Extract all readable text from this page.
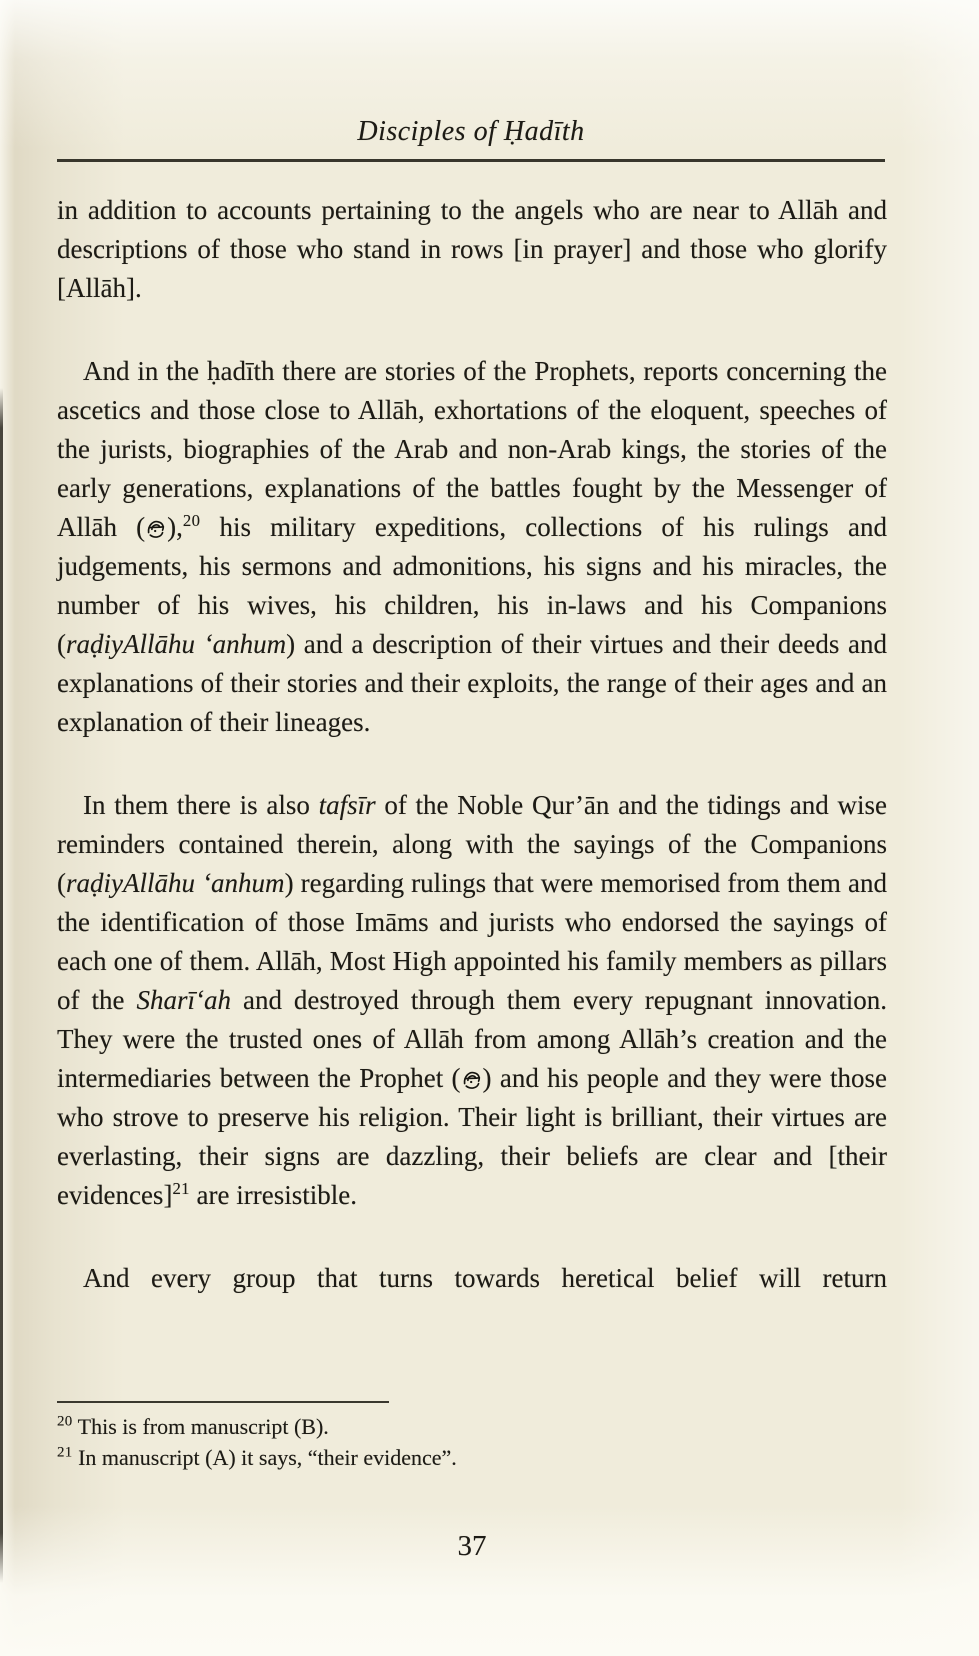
Disciples of Ḥadīth

in addition to accounts pertaining to the angels who are near to Allāh and descriptions of those who stand in rows [in prayer] and those who glorify [Allāh].

And in the ḥadīth there are stories of the Prophets, reports concerning the ascetics and those close to Allāh, exhortations of the eloquent, speeches of the jurists, biographies of the Arab and non-Arab kings, the stories of the early generations, explanations of the battles fought by the Messenger of Allāh ( ),$^{20}$ his military expeditions, collections of his rulings and judgements, his sermons and admonitions, his signs and his miracles, the number of his wives, his children, his in-laws and his Companions (raḍiyAllāhu ‘anhum) and a description of their virtues and their deeds and explanations of their stories and their exploits, the range of their ages and an explanation of their lineages.

In them there is also tafsīr of the Noble Qur’ān and the tidings and wise reminders contained therein, along with the sayings of the Companions (raḍiyAllāhu ‘anhum) regarding rulings that were memorised from them and the identification of those Imāms and jurists who endorsed the sayings of each one of them. Allāh, Most High appointed his family members as pillars of the Sharī‘ah and destroyed through them every repugnant innovation. They were the trusted ones of Allāh from among Allāh’s creation and the intermediaries between the Prophet ( ) and his people and they were those who strove to preserve his religion. Their light is brilliant, their virtues are everlasting, their signs are dazzling, their beliefs are clear and [their evidences]$^{21}$ are irresistible.

And every group that turns towards heretical belief will return

$^{20}$ This is from manuscript (B).
$^{21}$ In manuscript (A) it says, “their evidence”.
37
